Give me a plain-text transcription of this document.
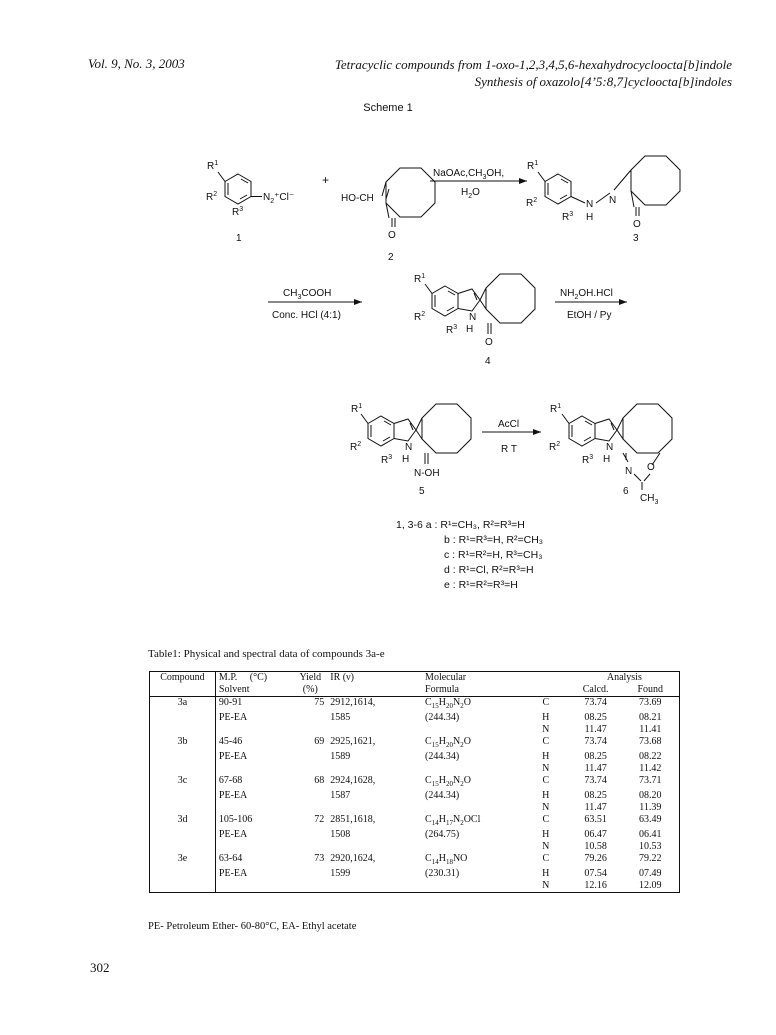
Vol. 9, No. 3, 2003	Tetracyclic compounds from 1-oxo-1,2,3,4,5,6-hexahydrocycloocta[b]indole
Synthesis of oxazolo[4’5:8,7]cycloocta[b]indoles
Scheme 1
$R^1$
$R^2$
$R^3$
$N_2^+Cl^-$
1
+
HO-CH
O
2
$NaOAc,CH_3OH$,
$H_2O$
$R^1$
$R^2$
$R^3$
N
H
N
O
3
$CH_3COOH$
Conc. HCl (4:1)
$R^1$
$R^2$
$R^3$
N
H
O
4
$NH_2OH.HCl$
EtOH / Py
$R^1$
$R^2$
$R^3$
N
H
N-OH
5
AcCl
R T
$R^1$
$R^2$
$R^3$
N
H
N O
$CH_3$
6
1, 3-6 a : R¹=CH₃, R²=R³=H
b : R¹=R³=H, R²=CH₃
c : R¹=R²=H, R³=CH₃
d : R¹=Cl, R²=R³=H
e : R¹=R²=R³=H
Table1: Physical and spectral data of compounds 3a-e
Compound	M.P. (°C)	Yield	IR (ν)	Molecular		Analysis	
	Solvent	(%)		Formula		Calcd.	Found
3a	90-91	75	2912,1614,	$C_{15}H_{20}N_2O$	C	73.74	73.69
	PE-EA		1585	(244.34)	H	08.25	08.21
					N	11.47	11.41
3b	45-46	69	2925,1621,	$C_{15}H_{20}N_2O$	C	73.74	73.68
	PE-EA		1589	(244.34)	H	08.25	08.22
					N	11.47	11.42
3c	67-68	68	2924,1628,	$C_{15}H_{20}N_2O$	C	73.74	73.71
	PE-EA		1587	(244.34)	H	08.25	08.20
					N	11.47	11.39
3d	105-106	72	2851,1618,	$C_{14}H_{17}N_2OCl$	C	63.51	63.49
	PE-EA		1508	(264.75)	H	06.47	06.41
					N	10.58	10.53
3e	63-64	73	2920,1624,	$C_{14}H_{18}NO$	C	79.26	79.22
	PE-EA		1599	(230.31)	H	07.54	07.49
					N	12.16	12.09
PE- Petroleum Ether- 60-80°C, EA- Ethyl acetate
302
